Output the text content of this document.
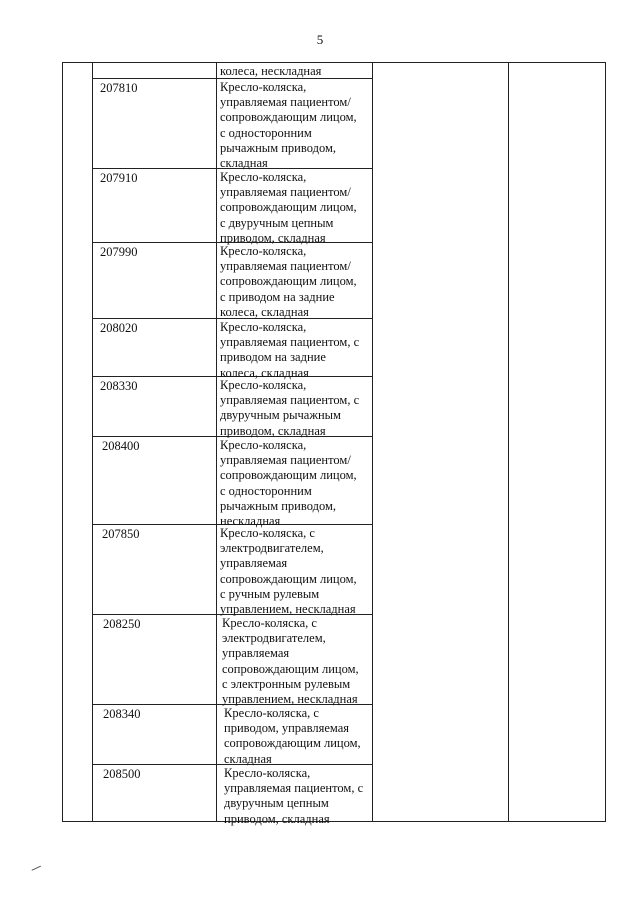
5
колеса, нескладная
207810	Кресло-коляска,
управляемая пациентом/
сопровождающим лицом,
с односторонним
рычажным приводом,
складная
207910	Кресло-коляска,
управляемая пациентом/
сопровождающим лицом,
с двуручным цепным
приводом, складная
207990	Кресло-коляска,
управляемая пациентом/
сопровождающим лицом,
с приводом на задние
колеса, складная
208020	Кресло-коляска,
управляемая пациентом, с
приводом на задние
колеса, складная
208330	Кресло-коляска,
управляемая пациентом, с
двуручным рычажным
приводом, складная
208400	Кресло-коляска,
управляемая пациентом/
сопровождающим лицом,
с односторонним
рычажным приводом,
нескладная
207850	Кресло-коляска, с
электродвигателем,
управляемая
сопровождающим лицом,
с ручным рулевым
управлением, нескладная
208250	Кресло-коляска, с
электродвигателем,
управляемая
сопровождающим лицом,
с электронным рулевым
управлением, нескладная
208340	Кресло-коляска, с
приводом, управляемая
сопровождающим лицом,
складная
208500	Кресло-коляска,
управляемая пациентом, с
двуручным цепным
приводом, складная
